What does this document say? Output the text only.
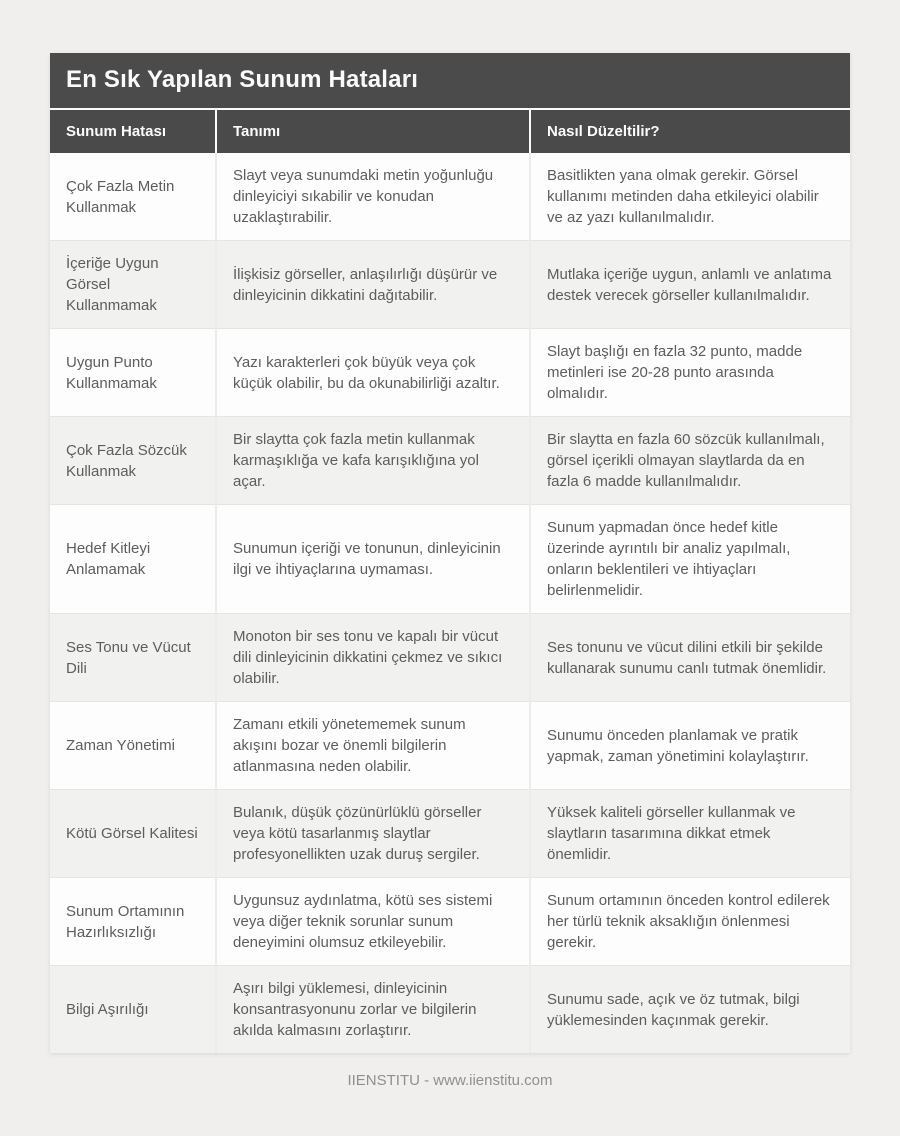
En Sık Yapılan Sunum Hataları
Sunum Hatası	Tanımı	Nasıl Düzeltilir?
Çok Fazla Metin Kullanmak	Slayt veya sunumdaki metin yoğunluğu dinleyiciyi sıkabilir ve konudan uzaklaştırabilir.	Basitlikten yana olmak gerekir. Görsel kullanımı metinden daha etkileyici olabilir ve az yazı kullanılmalıdır.
İçeriğe Uygun Görsel Kullanmamak	İlişkisiz görseller, anlaşılırlığı düşürür ve dinleyicinin dikkatini dağıtabilir.	Mutlaka içeriğe uygun, anlamlı ve anlatıma destek verecek görseller kullanılmalıdır.
Uygun Punto Kullanmamak	Yazı karakterleri çok büyük veya çok küçük olabilir, bu da okunabilirliği azaltır.	Slayt başlığı en fazla 32 punto, madde metinleri ise 20-28 punto arasında olmalıdır.
Çok Fazla Sözcük Kullanmak	Bir slaytta çok fazla metin kullanmak karmaşıklığa ve kafa karışıklığına yol açar.	Bir slaytta en fazla 60 sözcük kullanılmalı, görsel içerikli olmayan slaytlarda da en fazla 6 madde kullanılmalıdır.
Hedef Kitleyi Anlamamak	Sunumun içeriği ve tonunun, dinleyicinin ilgi ve ihtiyaçlarına uymaması.	Sunum yapmadan önce hedef kitle üzerinde ayrıntılı bir analiz yapılmalı, onların beklentileri ve ihtiyaçları belirlenmelidir.
Ses Tonu ve Vücut Dili	Monoton bir ses tonu ve kapalı bir vücut dili dinleyicinin dikkatini çekmez ve sıkıcı olabilir.	Ses tonunu ve vücut dilini etkili bir şekilde kullanarak sunumu canlı tutmak önemlidir.
Zaman Yönetimi	Zamanı etkili yönetememek sunum akışını bozar ve önemli bilgilerin atlanmasına neden olabilir.	Sunumu önceden planlamak ve pratik yapmak, zaman yönetimini kolaylaştırır.
Kötü Görsel Kalitesi	Bulanık, düşük çözünürlüklü görseller veya kötü tasarlanmış slaytlar profesyonellikten uzak duruş sergiler.	Yüksek kaliteli görseller kullanmak ve slaytların tasarımına dikkat etmek önemlidir.
Sunum Ortamının Hazırlıksızlığı	Uygunsuz aydınlatma, kötü ses sistemi veya diğer teknik sorunlar sunum deneyimini olumsuz etkileyebilir.	Sunum ortamının önceden kontrol edilerek her türlü teknik aksaklığın önlenmesi gerekir.
Bilgi Aşırılığı	Aşırı bilgi yüklemesi, dinleyicinin konsantrasyonunu zorlar ve bilgilerin akılda kalmasını zorlaştırır.	Sunumu sade, açık ve öz tutmak, bilgi yüklemesinden kaçınmak gerekir.
IIENSTITU - www.iienstitu.com
